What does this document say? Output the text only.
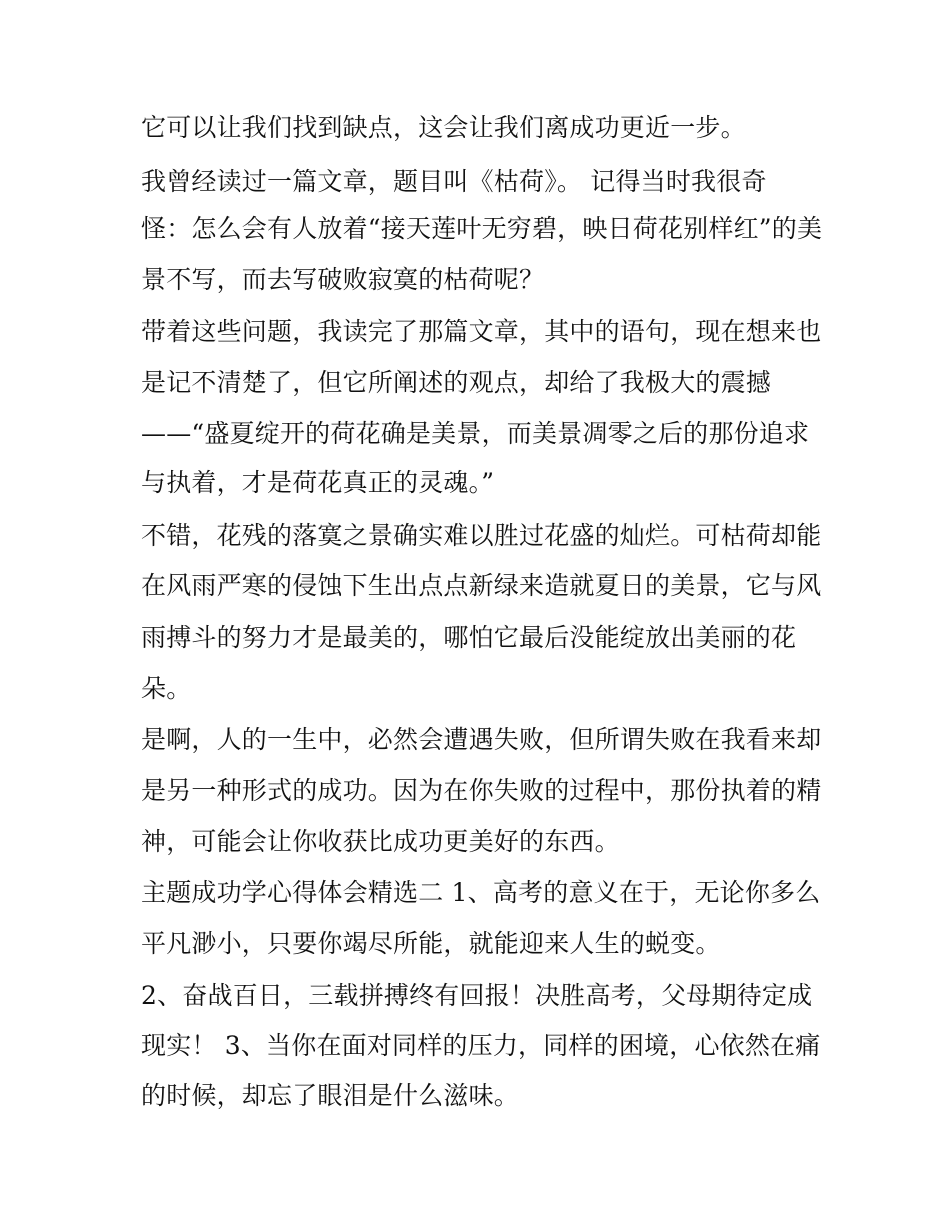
它可以让我们找到缺点，这会让我们离成功更近一步。

我曾经读过一篇文章，题目叫《枯荷》。 记得当时我很奇

怪：怎么会有人放着“接天莲叶无穷碧，映日荷花别样红”的美

景不写，而去写破败寂寞的枯荷呢？

带着这些问题，我读完了那篇文章，其中的语句，现在想来也

是记不清楚了，但它所阐述的观点，却给了我极大的震撼

——“盛夏绽开的荷花确是美景，而美景凋零之后的那份追求

与执着，才是荷花真正的灵魂。”

不错，花残的落寞之景确实难以胜过花盛的灿烂。可枯荷却能

在风雨严寒的侵蚀下生出点点新绿来造就夏日的美景，它与风

雨搏斗的努力才是最美的，哪怕它最后没能绽放出美丽的花

朵。

是啊，人的一生中，必然会遭遇失败，但所谓失败在我看来却

是另一种形式的成功。因为在你失败的过程中，那份执着的精

神，可能会让你收获比成功更美好的东西。

主题成功学心得体会精选二 1、高考的意义在于，无论你多么

平凡渺小，只要你竭尽所能，就能迎来人生的蜕变。

2、奋战百日，三载拼搏终有回报！决胜高考，父母期待定成

现实！ 3、当你在面对同样的压力，同样的困境，心依然在痛

的时候，却忘了眼泪是什么滋味。
